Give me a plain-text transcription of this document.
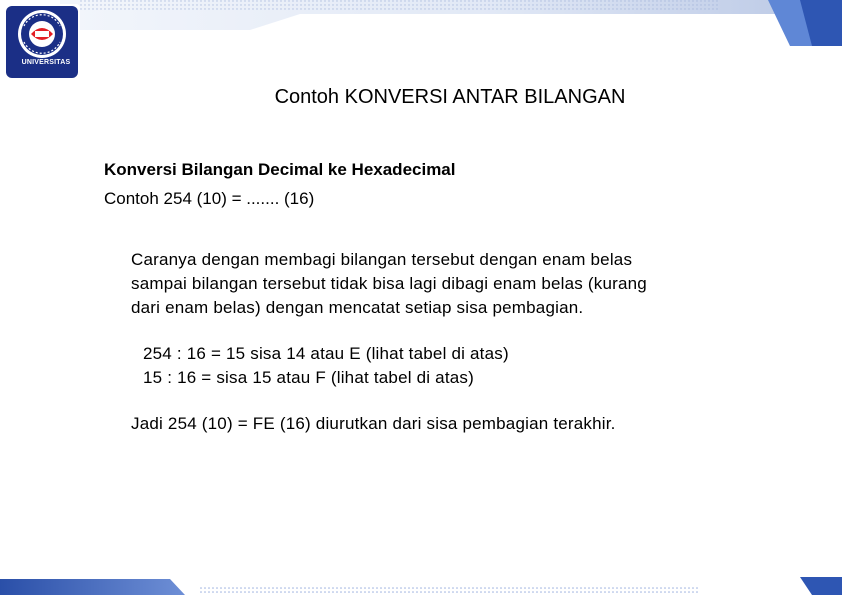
UNIVERSITAS
Contoh KONVERSI ANTAR BILANGAN
Konversi Bilangan Decimal ke Hexadecimal
Contoh 254 (10) = ....... (16)
Caranya dengan membagi bilangan tersebut dengan enam belas
sampai bilangan tersebut tidak bisa lagi dibagi enam belas (kurang
dari enam belas) dengan mencatat setiap sisa pembagian.
254 : 16 = 15 sisa 14 atau E (lihat tabel di atas)
15 : 16 = sisa 15 atau F (lihat tabel di atas)
Jadi 254 (10) = FE (16) diurutkan dari sisa pembagian terakhir.
